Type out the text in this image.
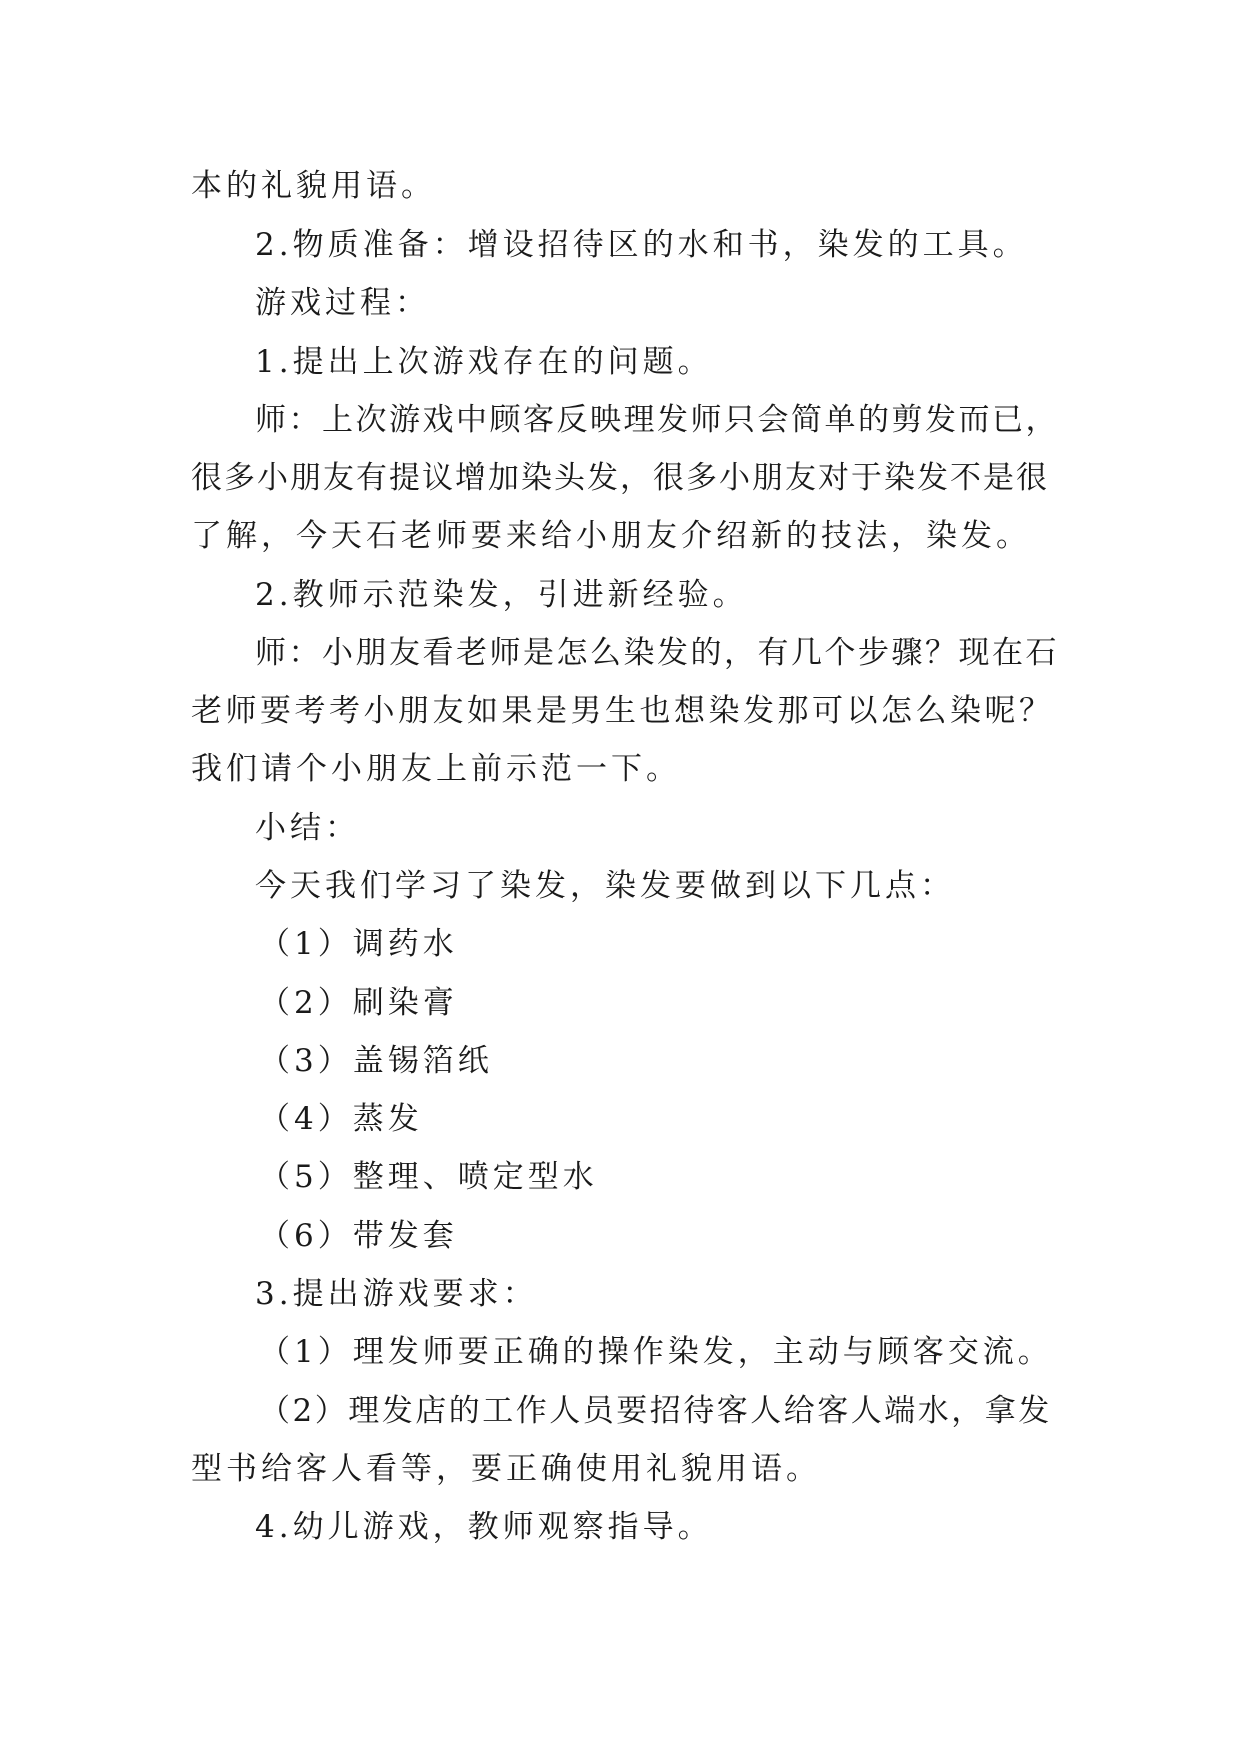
本的礼貌用语。
2.物质准备：增设招待区的水和书，染发的工具。
游戏过程：
1.提出上次游戏存在的问题。
师：上次游戏中顾客反映理发师只会简单的剪发而已，
很多小朋友有提议增加染头发，很多小朋友对于染发不是很
了解，今天石老师要来给小朋友介绍新的技法，染发。
2.教师示范染发，引进新经验。
师：小朋友看老师是怎么染发的，有几个步骤？现在石
老师要考考小朋友如果是男生也想染发那可以怎么染呢？
我们请个小朋友上前示范一下。
小结：
今天我们学习了染发，染发要做到以下几点：
（1）调药水
（2）刷染膏
（3）盖锡箔纸
（4）蒸发
（5）整理、喷定型水
（6）带发套
3.提出游戏要求：
（1）理发师要正确的操作染发，主动与顾客交流。
（2）理发店的工作人员要招待客人给客人端水，拿发
型书给客人看等，要正确使用礼貌用语。
4.幼儿游戏，教师观察指导。
